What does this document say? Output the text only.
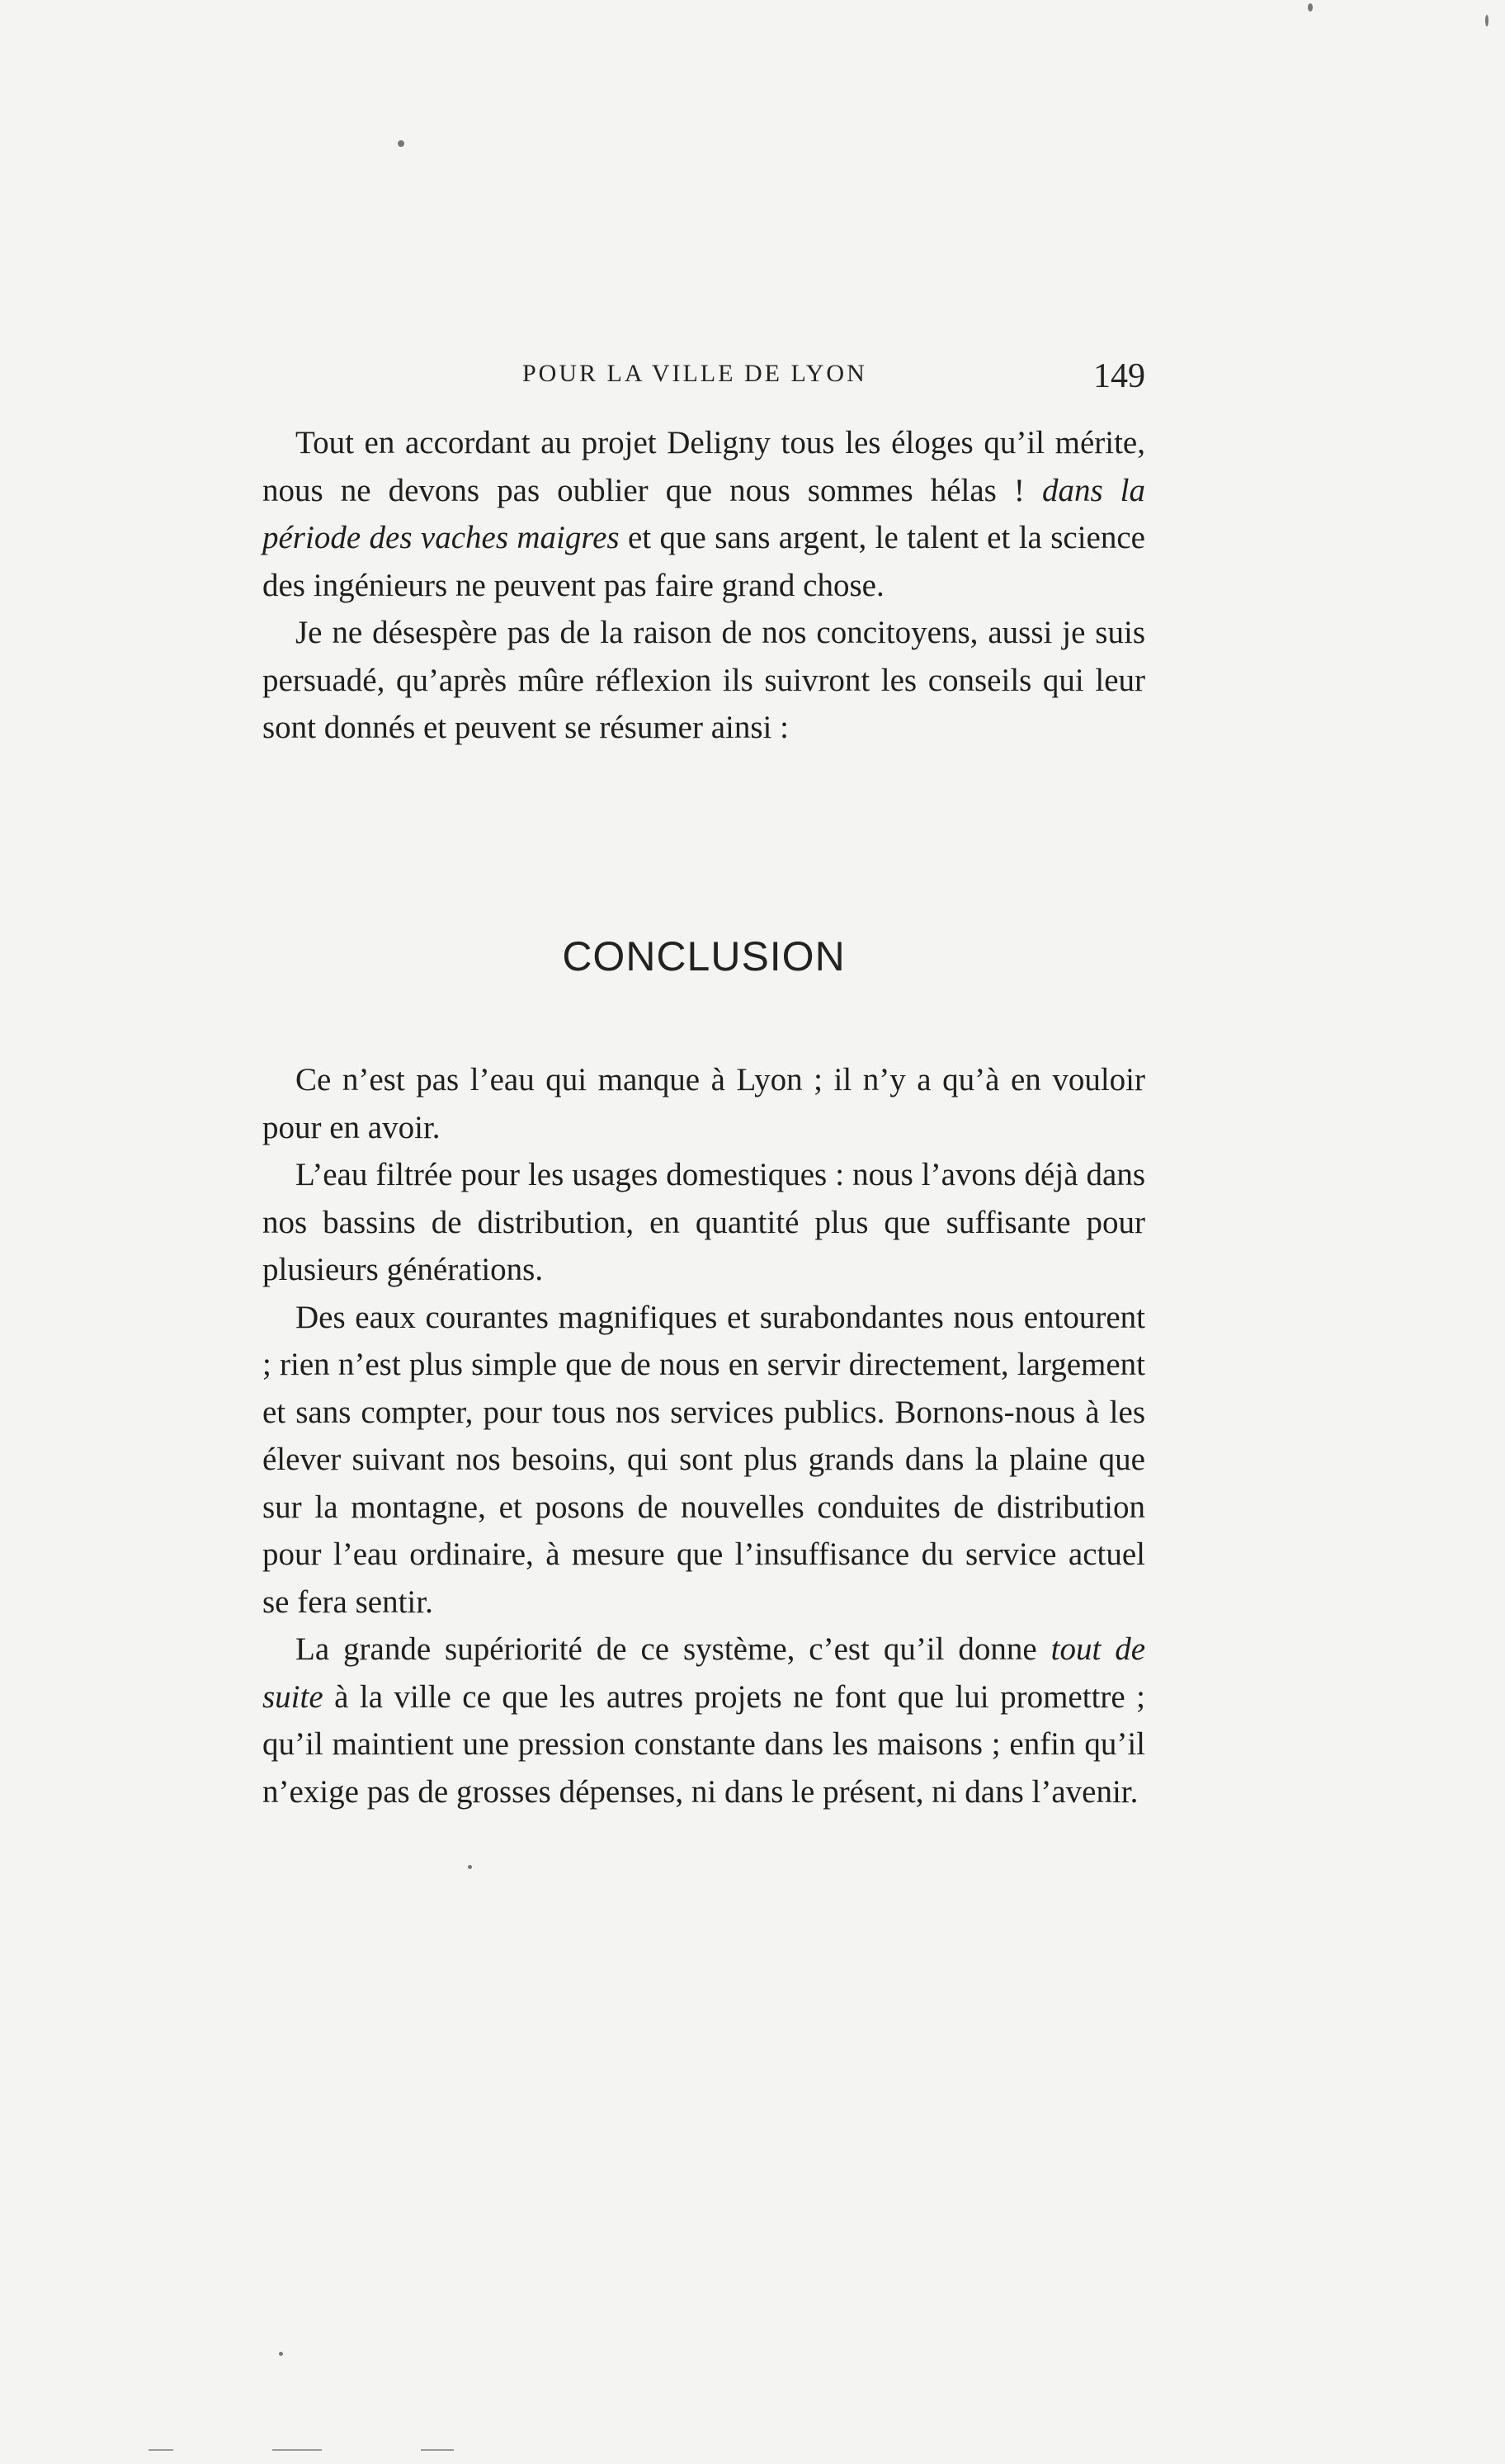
POUR LA VILLE DE LYON	149

Tout en accordant au projet Deligny tous les éloges qu’il mérite, nous ne devons pas oublier que nous sommes hélas ! dans la période des vaches maigres et que sans argent, le talent et la science des ingénieurs ne peuvent pas faire grand chose.

Je ne désespère pas de la raison de nos concitoyens, aussi je suis persuadé, qu’après mûre réflexion ils suivront les conseils qui leur sont donnés et peuvent se résumer ainsi :

CONCLUSION

Ce n’est pas l’eau qui manque à Lyon ; il n’y a qu’à en vouloir pour en avoir.

L’eau filtrée pour les usages domestiques : nous l’avons déjà dans nos bassins de distribution, en quantité plus que suffisante pour plusieurs générations.

Des eaux courantes magnifiques et surabondantes nous entourent ; rien n’est plus simple que de nous en servir directement, largement et sans compter, pour tous nos services publics. Bornons-nous à les élever suivant nos besoins, qui sont plus grands dans la plaine que sur la montagne, et posons de nouvelles conduites de distribution pour l’eau ordinaire, à mesure que l’insuffisance du service actuel se fera sentir.

La grande supériorité de ce système, c’est qu’il donne tout de suite à la ville ce que les autres projets ne font que lui promettre ; qu’il maintient une pression constante dans les maisons ; enfin qu’il n’exige pas de grosses dépenses, ni dans le présent, ni dans l’avenir.
